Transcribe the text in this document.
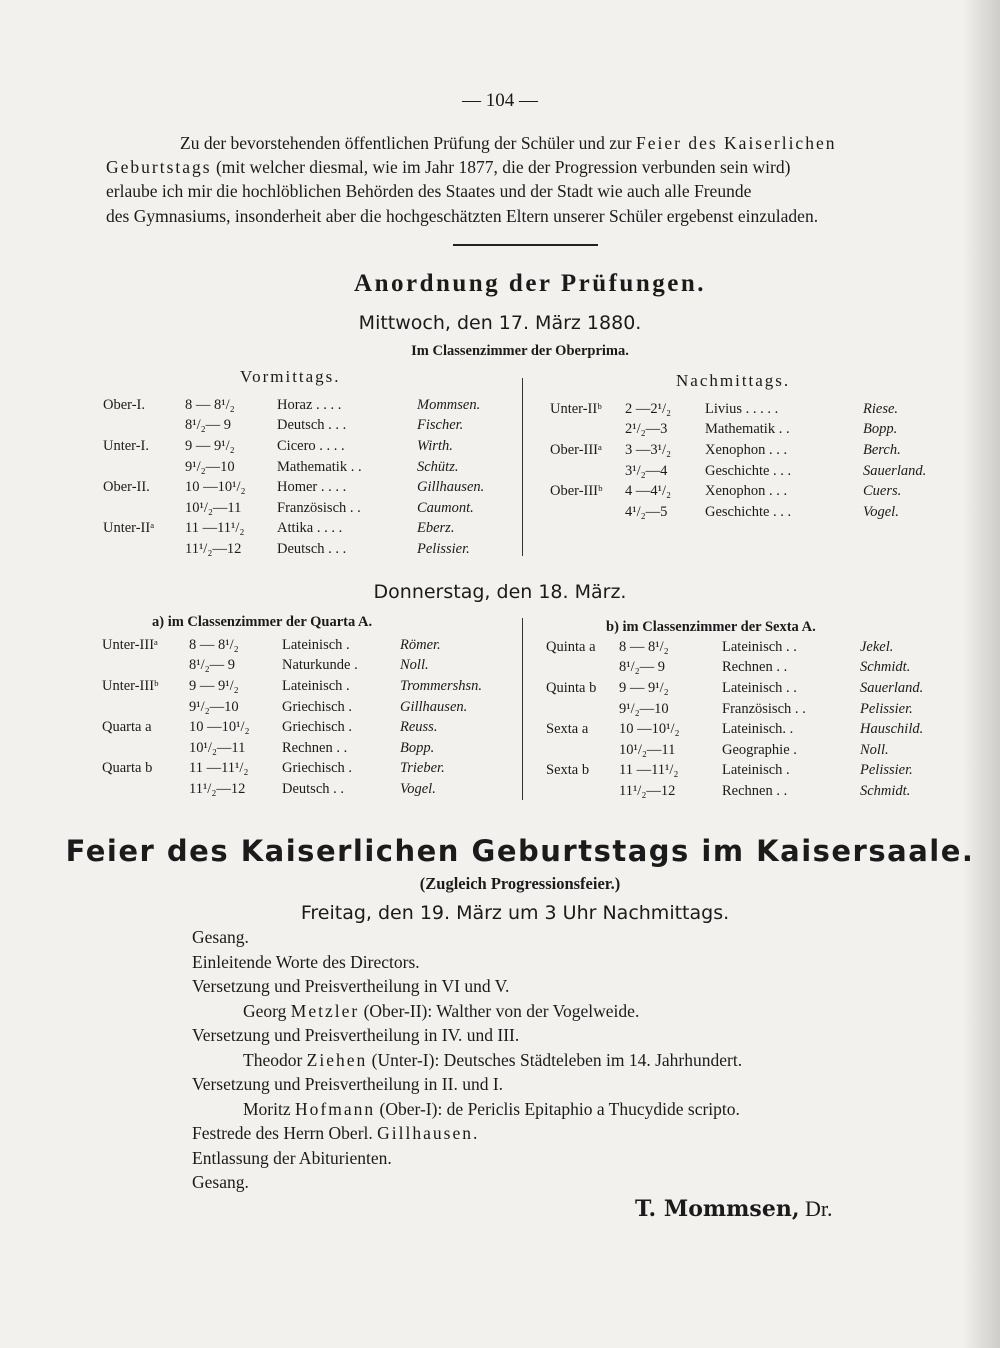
— 104 —
Zu der bevorstehenden öffentlichen Prüfung der Schüler und zur Feier des Kaiserlichen
Geburtstags (mit welcher diesmal, wie im Jahr 1877, die der Progression verbunden sein wird)
erlaube ich mir die hochlöblichen Behörden des Staates und der Stadt wie auch alle Freunde
des Gymnasiums, insonderheit aber die hochgeschätzten Eltern unserer Schüler ergebenst einzuladen.
Anordnung der Prüfungen.
Mittwoch, den 17. März 1880.
Im Classenzimmer der Oberprima.
Vormittags.	Nachmittags.
Ober-I.	8 — 8¹/₂	Horaz . . . .	Mommsen.
	8¹/₂— 9	Deutsch . . .	Fischer.
Unter-I.	9 — 9¹/₂	Cicero . . . .	Wirth.
	9¹/₂—10	Mathematik . .	Schütz.
Ober-II.	10 —10¹/₂	Homer . . . .	Gillhausen.
	10¹/₂—11	Französisch . .	Caumont.
Unter-IIᵃ	11 —11¹/₂	Attika . . . .	Eberz.
	11¹/₂—12	Deutsch . . .	Pelissier.
Unter-IIᵇ	2 —2¹/₂	Livius . . . . .	Riese.
	2¹/₂—3	Mathematik . .	Bopp.
Ober-IIIᵃ	3 —3¹/₂	Xenophon . . .	Berch.
	3¹/₂—4	Geschichte . . .	Sauerland.
Ober-IIIᵇ	4 —4¹/₂	Xenophon . . .	Cuers.
	4¹/₂—5	Geschichte . . .	Vogel.
Donnerstag, den 18. März.
a) im Classenzimmer der Quarta A.	b) im Classenzimmer der Sexta A.
Unter-IIIᵃ	8 — 8¹/₂	Lateinisch .	Römer.
	8¹/₂— 9	Naturkunde .	Noll.
Unter-IIIᵇ	9 — 9¹/₂	Lateinisch .	Trommershsn.
	9¹/₂—10	Griechisch .	Gillhausen.
Quarta a	10 —10¹/₂	Griechisch .	Reuss.
	10¹/₂—11	Rechnen . .	Bopp.
Quarta b	11 —11¹/₂	Griechisch .	Trieber.
	11¹/₂—12	Deutsch . .	Vogel.
Quinta a	8 — 8¹/₂	Lateinisch . .	Jekel.
	8¹/₂— 9	Rechnen . .	Schmidt.
Quinta b	9 — 9¹/₂	Lateinisch . .	Sauerland.
	9¹/₂—10	Französisch . .	Pelissier.
Sexta a	10 —10¹/₂	Lateinisch. .	Hauschild.
	10¹/₂—11	Geographie .	Noll.
Sexta b	11 —11¹/₂	Lateinisch .	Pelissier.
	11¹/₂—12	Rechnen . .	Schmidt.
Feier des Kaiserlichen Geburtstags im Kaisersaale.
(Zugleich Progressionsfeier.)
Freitag, den 19. März um 3 Uhr Nachmittags.
Gesang.
Einleitende Worte des Directors.
Versetzung und Preisvertheilung in VI und V.
Georg Metzler (Ober-II): Walther von der Vogelweide.
Versetzung und Preisvertheilung in IV. und III.
Theodor Ziehen (Unter-I): Deutsches Städteleben im 14. Jahrhundert.
Versetzung und Preisvertheilung in II. und I.
Moritz Hofmann (Ober-I): de Periclis Epitaphio a Thucydide scripto.
Festrede des Herrn Oberl. Gillhausen.
Entlassung der Abiturienten.
Gesang.
T. Mommsen, Dr.
